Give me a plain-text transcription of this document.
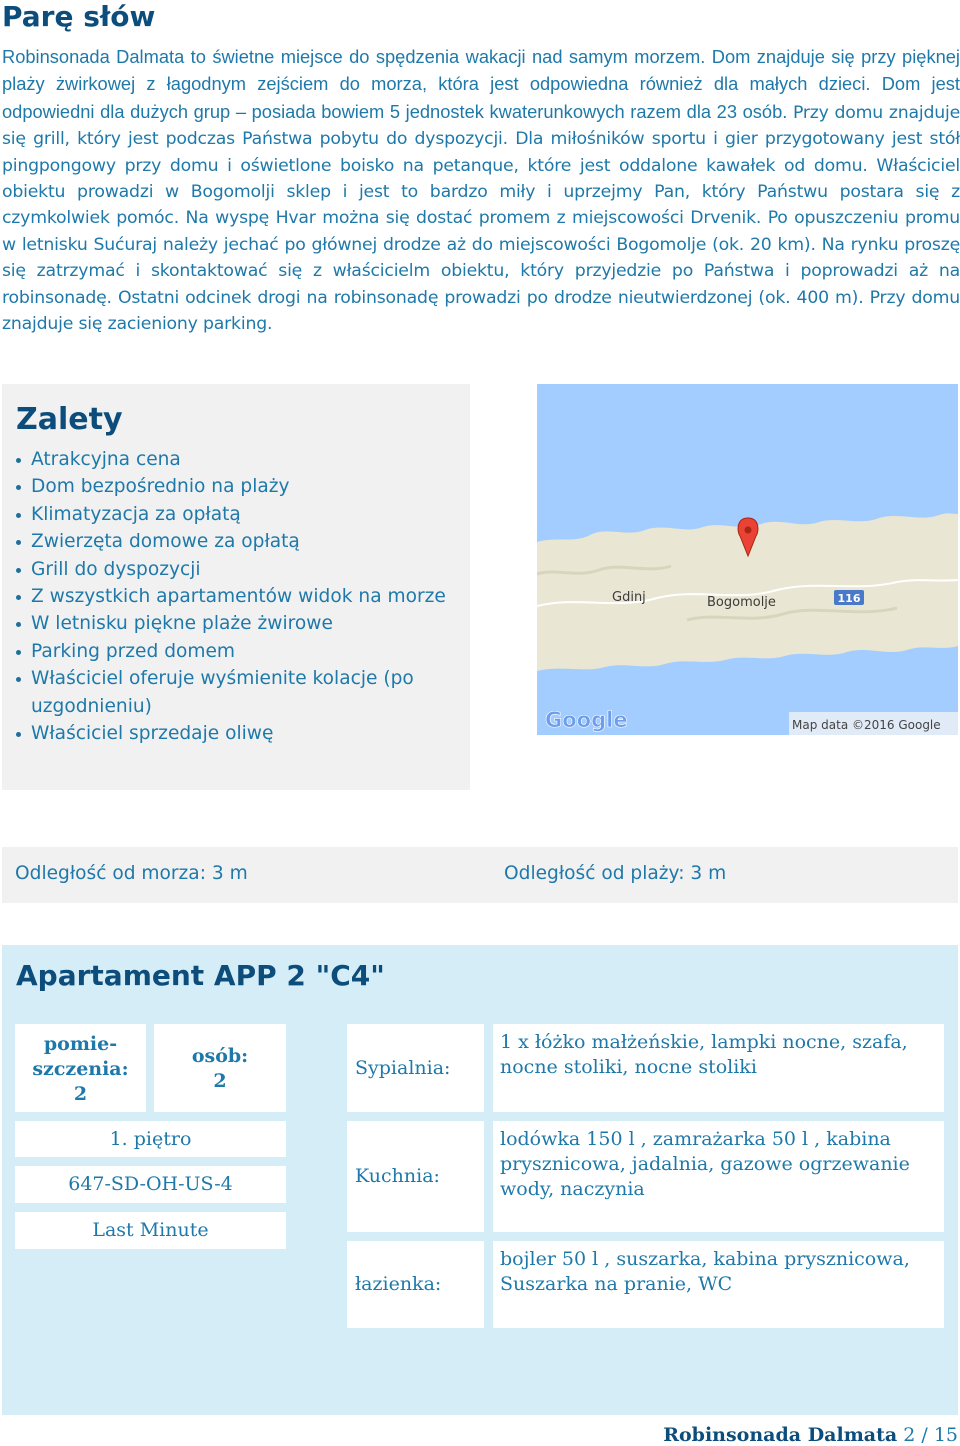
Parę słów

Robinsonada Dalmata to świetne miejsce do spędzenia wakacji nad samym morzem. Dom znajduje się przy pięknej plaży żwirkowej z łagodnym zejściem do morza, która jest odpowiedna również dla małych dzieci. Dom jest odpowiedni dla dużych grup – posiada bowiem 5 jednostek kwaterunkowych razem dla 23 osób. Przy domu znajduje się grill, który jest podczas Państwa pobytu do dyspozycji. Dla miłośników sportu i gier przygotowany jest stół pingpongowy przy domu i oświetlone boisko na petanque, które jest oddalone kawałek od domu. Właściciel obiektu prowadzi w Bogomolji sklep i jest to bardzo miły i uprzejmy Pan, który Państwu postara się z czymkolwiek pomóc. Na wyspę Hvar można się dostać promem z miejscowości Drvenik. Po opuszczeniu promu w letnisku Sućuraj należy jechać po głównej drodze aż do miejscowości Bogomolje (ok. 20 km). Na rynku proszę się zatrzymać i skontaktować się z właścicielm obiektu, który przyjedzie po Państwa i poprowadzi aż na robinsonadę. Ostatni odcinek drogi na robinsonadę prowadzi po drodze nieutwierdzonej (ok. 400 m). Przy domu znajduje się zacieniony parking.

Zalety
Atrakcyjna cena
Dom bezpośrednio na plaży
Klimatyzacja za opłatą
Zwierzęta domowe za opłatą
Grill do dyspozycji
Z wszystkich apartamentów widok na morze
W letnisku piękne plaże żwirowe
Parking przed domem
Właściciel oferuje wyśmienite kolacje (po uzgodnieniu)
Właściciel sprzedaje oliwę
116
Gdinj	Bogomolje
Google	Map data ©2016 Google
Odległość od morza: 3 m	Odległość od plaży: 3 m
Apartament APP 2 "C4"
pomie-szczenia:
2
osób:
2
1. piętro
647-SD-OH-US-4
Last Minute
Sypialnia:
1 x łóżko małżeńskie, lampki nocne, szafa, nocne stoliki, nocne stoliki
Kuchnia:
lodówka 150 l , zamrażarka 50 l , kabina prysznicowa, jadalnia, gazowe ogrzewanie wody, naczynia
łazienka:
bojler 50 l , suszarka, kabina prysznicowa, Suszarka na pranie, WC
Robinsonada Dalmata 2 / 15
